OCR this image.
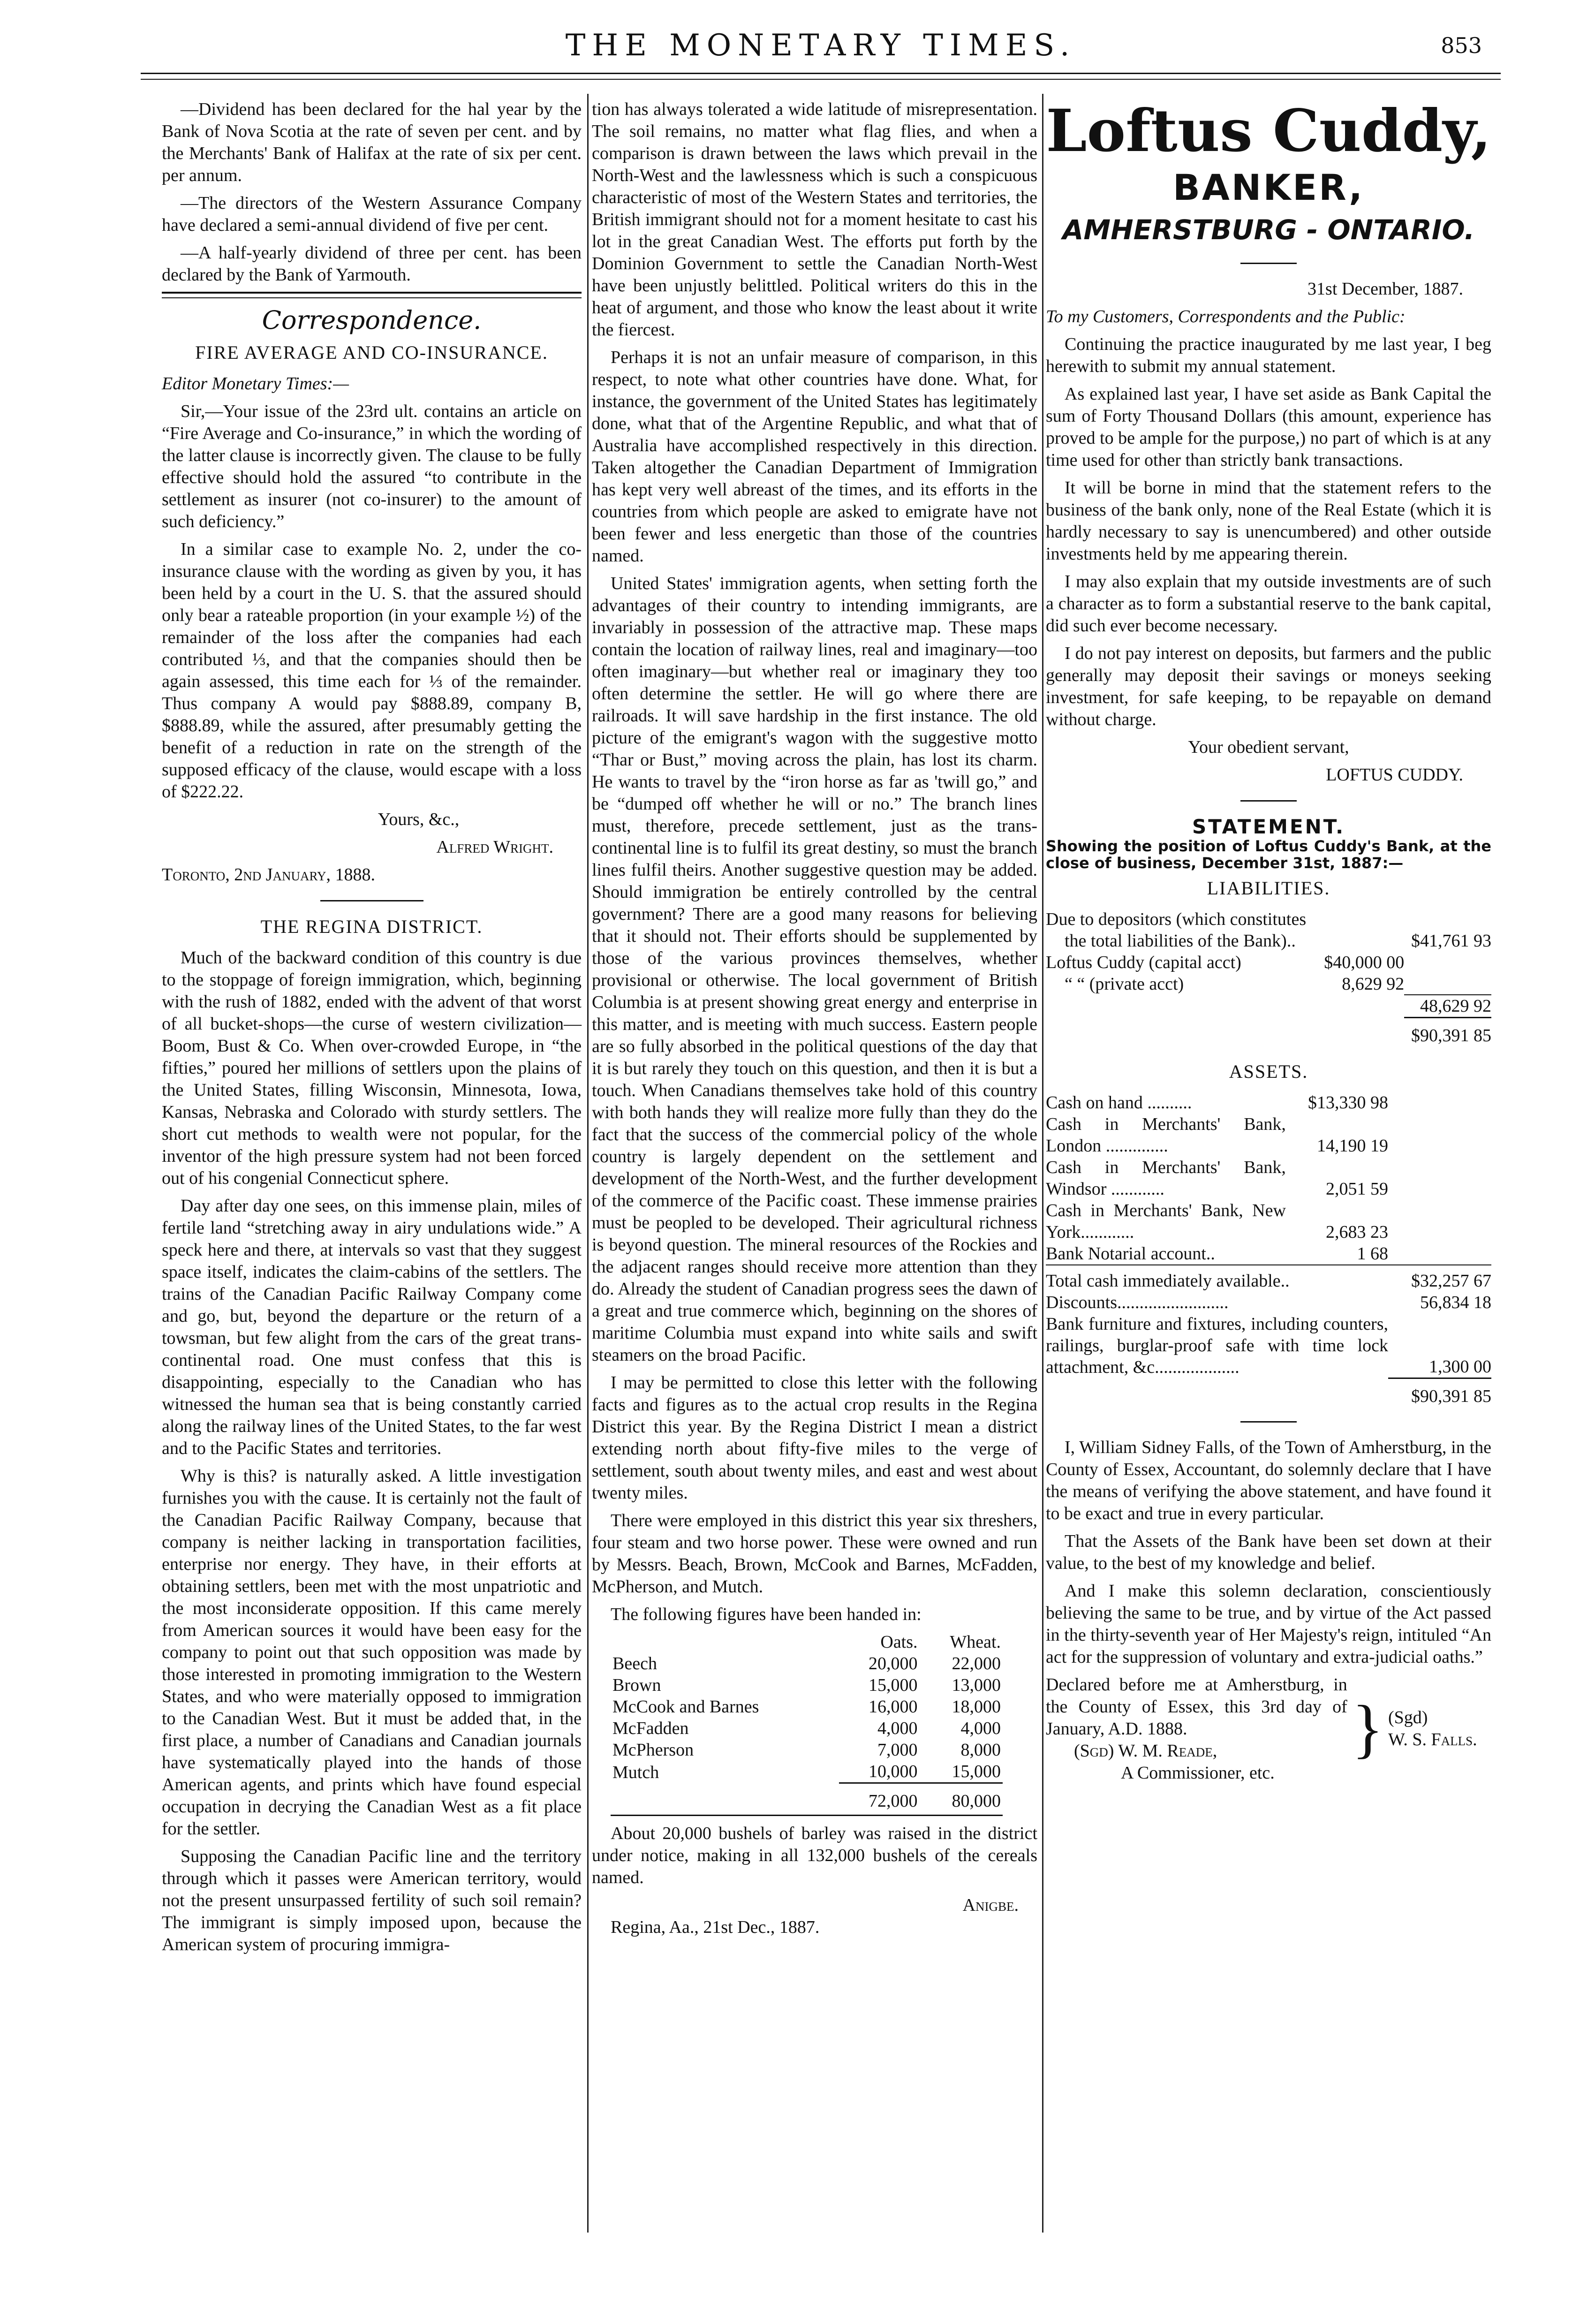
THE MONETARY TIMES.	853

—Dividend has been declared for the hal year by the Bank of Nova Scotia at the rate of seven per cent. and by the Merchants' Bank of Halifax at the rate of six per cent. per annum.

—The directors of the Western Assurance Company have declared a semi-annual dividend of five per cent.

—A half-yearly dividend of three per cent. has been declared by the Bank of Yarmouth.

Correspondence.
FIRE AVERAGE AND CO-INSURANCE.

Editor Monetary Times:—

Sir,—Your issue of the 23rd ult. contains an article on “Fire Average and Co-insurance,” in which the wording of the latter clause is incorrectly given. The clause to be fully effective should hold the assured “to contribute in the settlement as insurer (not co-insurer) to the amount of such deficiency.”

In a similar case to example No. 2, under the co-insurance clause with the wording as given by you, it has been held by a court in the U. S. that the assured should only bear a rateable proportion (in your example ½) of the remainder of the loss after the companies had each contributed ⅓, and that the companies should then be again assessed, this time each for ⅓ of the remainder. Thus company A would pay $888.89, company B, $888.89, while the assured, after presumably getting the benefit of a reduction in rate on the strength of the supposed efficacy of the clause, would escape with a loss of $222.22.

Yours, &c.,

Alfred Wright.

Toronto, 2nd January, 1888.

THE REGINA DISTRICT.

Much of the backward condition of this country is due to the stoppage of foreign immigration, which, beginning with the rush of 1882, ended with the advent of that worst of all bucket-shops—the curse of western civilization—Boom, Bust & Co. When over-crowded Europe, in “the fifties,” poured her millions of settlers upon the plains of the United States, filling Wisconsin, Minnesota, Iowa, Kansas, Nebraska and Colorado with sturdy settlers. The short cut methods to wealth were not popular, for the inventor of the high pressure system had not been forced out of his congenial Connecticut sphere.

Day after day one sees, on this immense plain, miles of fertile land “stretching away in airy undulations wide.” A speck here and there, at intervals so vast that they suggest space itself, indicates the claim-cabins of the settlers. The trains of the Canadian Pacific Railway Company come and go, but, beyond the departure or the return of a towsman, but few alight from the cars of the great trans-continental road. One must confess that this is disappointing, especially to the Canadian who has witnessed the human sea that is being constantly carried along the railway lines of the United States, to the far west and to the Pacific States and territories.

Why is this? is naturally asked. A little investigation furnishes you with the cause. It is certainly not the fault of the Canadian Pacific Railway Company, because that company is neither lacking in transportation facilities, enterprise nor energy. They have, in their efforts at obtaining settlers, been met with the most unpatriotic and the most inconsiderate opposition. If this came merely from American sources it would have been easy for the company to point out that such opposition was made by those interested in promoting immigration to the Western States, and who were materially opposed to immigration to the Canadian West. But it must be added that, in the first place, a number of Canadians and Canadian journals have systematically played into the hands of those American agents, and prints which have found especial occupation in decrying the Canadian West as a fit place for the settler.

Supposing the Canadian Pacific line and the territory through which it passes were American territory, would not the present unsurpassed fertility of such soil remain? The immigrant is simply imposed upon, because the American system of procuring immigra-

tion has always tolerated a wide latitude of misrepresentation. The soil remains, no matter what flag flies, and when a comparison is drawn between the laws which prevail in the North-West and the lawlessness which is such a conspicuous characteristic of most of the Western States and territories, the British immigrant should not for a moment hesitate to cast his lot in the great Canadian West. The efforts put forth by the Dominion Government to settle the Canadian North-West have been unjustly belittled. Political writers do this in the heat of argument, and those who know the least about it write the fiercest.

Perhaps it is not an unfair measure of comparison, in this respect, to note what other countries have done. What, for instance, the government of the United States has legitimately done, what that of the Argentine Republic, and what that of Australia have accomplished respectively in this direction. Taken altogether the Canadian Department of Immigration has kept very well abreast of the times, and its efforts in the countries from which people are asked to emigrate have not been fewer and less energetic than those of the countries named.

United States' immigration agents, when setting forth the advantages of their country to intending immigrants, are invariably in possession of the attractive map. These maps contain the location of railway lines, real and imaginary—too often imaginary—but whether real or imaginary they too often determine the settler. He will go where there are railroads. It will save hardship in the first instance. The old picture of the emigrant's wagon with the suggestive motto “Thar or Bust,” moving across the plain, has lost its charm. He wants to travel by the “iron horse as far as 'twill go,” and be “dumped off whether he will or no.” The branch lines must, therefore, precede settlement, just as the trans-continental line is to fulfil its great destiny, so must the branch lines fulfil theirs. Another suggestive question may be added. Should immigration be entirely controlled by the central government? There are a good many reasons for believing that it should not. Their efforts should be supplemented by those of the various provinces themselves, whether provisional or otherwise. The local government of British Columbia is at present showing great energy and enterprise in this matter, and is meeting with much success. Eastern people are so fully absorbed in the political questions of the day that it is but rarely they touch on this question, and then it is but a touch. When Canadians themselves take hold of this country with both hands they will realize more fully than they do the fact that the success of the commercial policy of the whole country is largely dependent on the settlement and development of the North-West, and the further development of the commerce of the Pacific coast. These immense prairies must be peopled to be developed. Their agricultural richness is beyond question. The mineral resources of the Rockies and the adjacent ranges should receive more attention than they do. Already the student of Canadian progress sees the dawn of a great and true commerce which, beginning on the shores of maritime Columbia must expand into white sails and swift steamers on the broad Pacific.

I may be permitted to close this letter with the following facts and figures as to the actual crop results in the Regina District this year. By the Regina District I mean a district extending north about fifty-five miles to the verge of settlement, south about twenty miles, and east and west about twenty miles.

There were employed in this district this year six threshers, four steam and two horse power. These were owned and run by Messrs. Beach, Brown, McCook and Barnes, McFadden, McPherson, and Mutch.

The following figures have been handed in:

	Oats.	Wheat.
Beech	20,000	22,000
Brown	15,000	13,000
McCook and Barnes	16,000	18,000
McFadden	4,000	4,000
McPherson	7,000	8,000
Mutch	10,000	15,000
	72,000	80,000

About 20,000 bushels of barley was raised in the district under notice, making in all 132,000 bushels of the cereals named.

Anigbe.

Regina, Aa., 21st Dec., 1887.

Loftus Cuddy,
BANKER,
AMHERSTBURG - ONTARIO.

31st December, 1887.

To my Customers, Correspondents and the Public:

Continuing the practice inaugurated by me last year, I beg herewith to submit my annual statement.

As explained last year, I have set aside as Bank Capital the sum of Forty Thousand Dollars (this amount, experience has proved to be ample for the purpose,) no part of which is at any time used for other than strictly bank transactions.

It will be borne in mind that the statement refers to the business of the bank only, none of the Real Estate (which it is hardly necessary to say is unencumbered) and other outside investments held by me appearing therein.

I may also explain that my outside investments are of such a character as to form a substantial reserve to the bank capital, did such ever become necessary.

I do not pay interest on deposits, but farmers and the public generally may deposit their savings or moneys seeking investment, for safe keeping, to be repayable on demand without charge.

Your obedient servant,

LOFTUS CUDDY.

STATEMENT.

Showing the position of Loftus Cuddy's Bank, at the close of business, December 31st, 1887:—

LIABILITIES.
Due to depositors (which constitutes		
the total liabilities of the Bank)..		$41,761 93
Loftus Cuddy (capital acct)	$40,000 00	
“ “ (private acct)	8,629 92	
		48,629 92
		$90,391 85
ASSETS.
Cash on hand ..........	$13,330 98	
Cash in Merchants' Bank, London ..............	14,190 19	
Cash in Merchants' Bank, Windsor ............	2,051 59	
Cash in Merchants' Bank, New York............	2,683 23	
Bank Notarial account..	1 68	
Total cash immediately available..		$32,257 67
Discounts.........................		56,834 18
Bank furniture and fixtures, including counters, railings, burglar-proof safe with time lock attachment, &c...................		1,300 00
		$90,391 85

I, William Sidney Falls, of the Town of Amherstburg, in the County of Essex, Accountant, do solemnly declare that I have the means of verifying the above statement, and have found it to be exact and true in every particular.

That the Assets of the Bank have been set down at their value, to the best of my knowledge and belief.

And I make this solemn declaration, conscientiously believing the same to be true, and by virtue of the Act passed in the thirty-seventh year of Her Majesty's reign, intituled “An act for the suppression of voluntary and extra-judicial oaths.”

Declared before me at Amherstburg, in the County of Essex, this 3rd day of January, A.D. 1888.

(Sgd) W. M. Reade,

A Commissioner, etc.

} (Sgd)

W. S. Falls.
